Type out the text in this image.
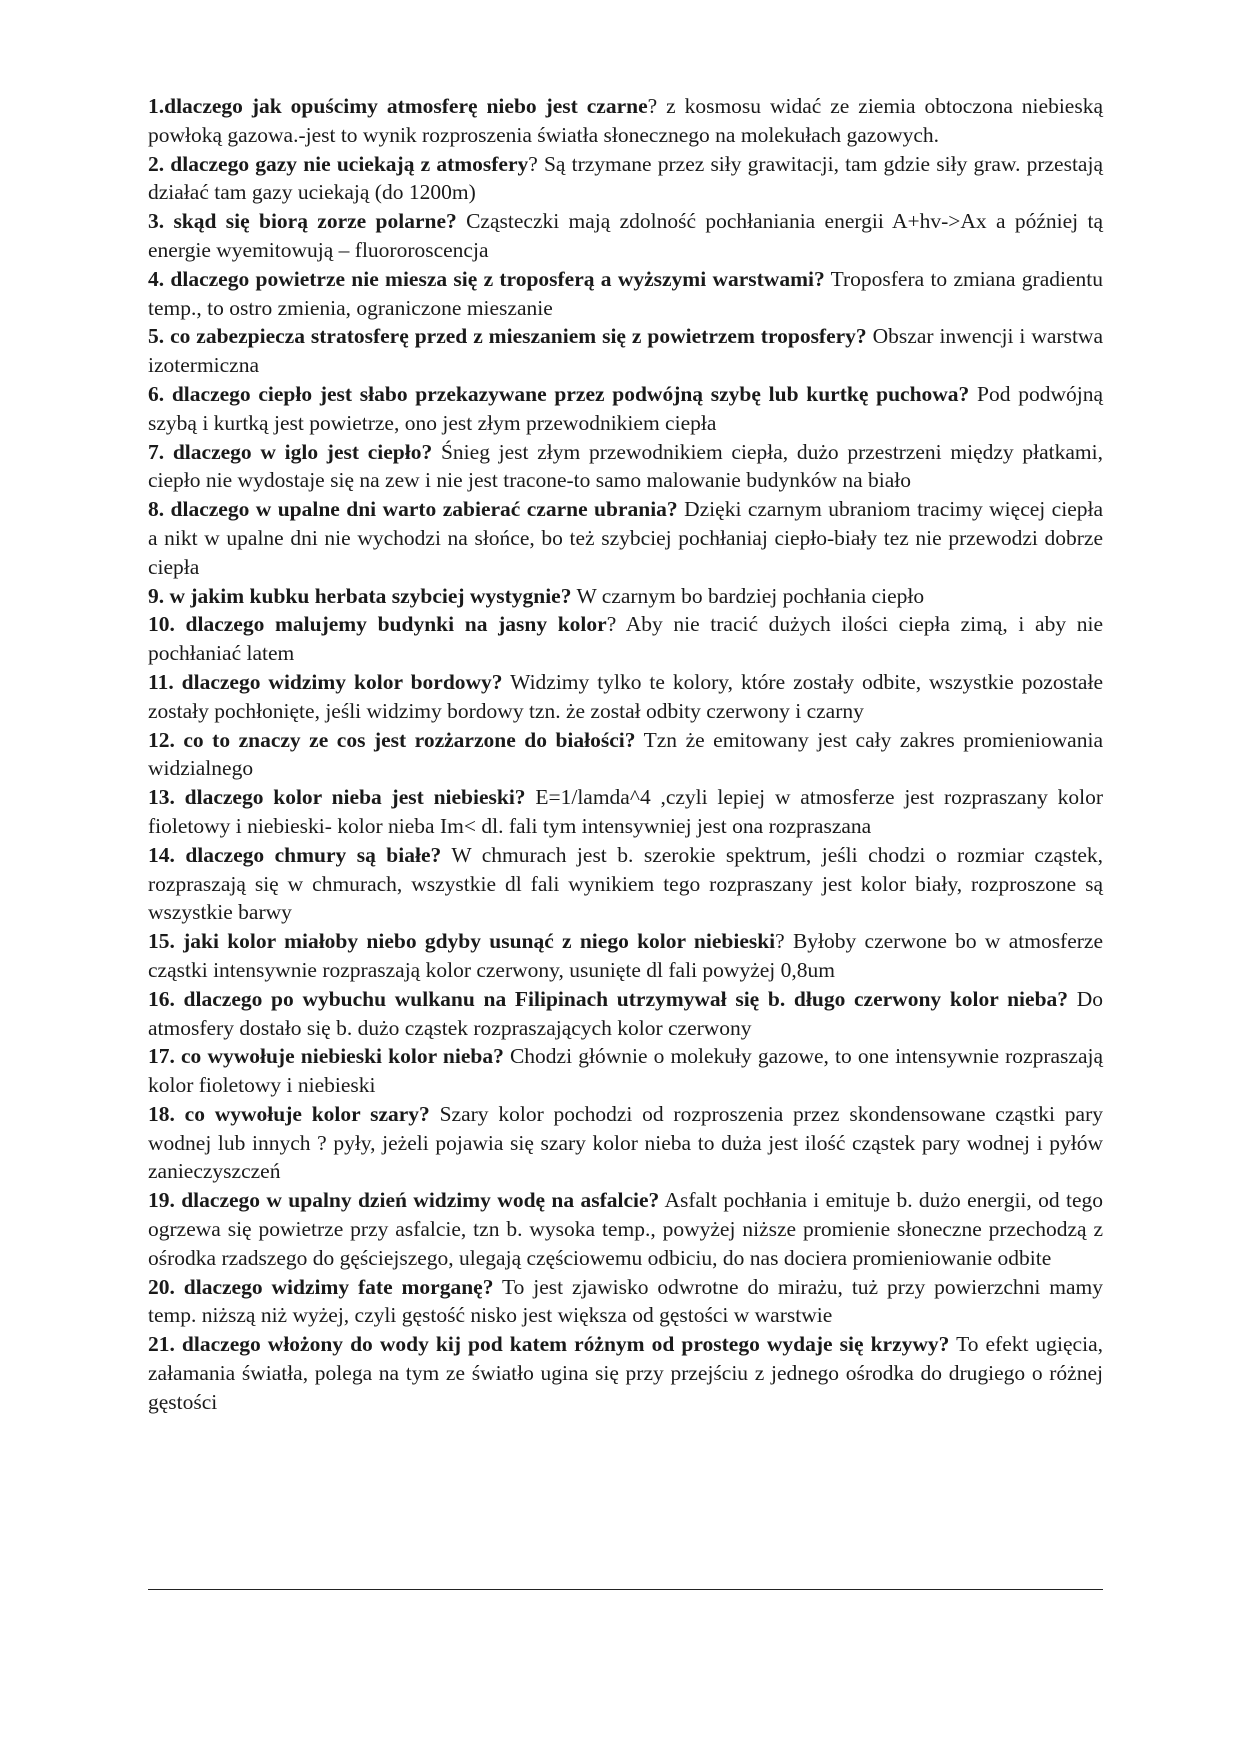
1.dlaczego jak opuścimy atmosferę niebo jest czarne? z kosmosu widać ze ziemia obtoczona niebieską powłoką gazowa.-jest to wynik rozproszenia światła słonecznego na molekułach gazowych.

2. dlaczego gazy nie uciekają z atmosfery? Są trzymane przez siły grawitacji, tam gdzie siły graw. przestają działać tam gazy uciekają (do 1200m)

3. skąd się biorą zorze polarne? Cząsteczki mają zdolność pochłaniania energii A+hv->Ax a później tą energie wyemitowują – fluororoscencja

4. dlaczego powietrze nie miesza się z troposferą a wyższymi warstwami? Troposfera to zmiana gradientu temp., to ostro zmienia, ograniczone mieszanie

5. co zabezpiecza stratosferę przed z mieszaniem się z powietrzem troposfery? Obszar inwencji i warstwa izotermiczna

6. dlaczego ciepło jest słabo przekazywane przez podwójną szybę lub kurtkę puchowa? Pod podwójną szybą i kurtką jest powietrze, ono jest złym przewodnikiem ciepła

7. dlaczego w iglo jest ciepło? Śnieg jest złym przewodnikiem ciepła, dużo przestrzeni między płatkami, ciepło nie wydostaje się na zew i nie jest tracone-to samo malowanie budynków na biało

8. dlaczego w upalne dni warto zabierać czarne ubrania? Dzięki czarnym ubraniom tracimy więcej ciepła a nikt w upalne dni nie wychodzi na słońce, bo też szybciej pochłaniaj ciepło-biały tez nie przewodzi dobrze ciepła

9. w jakim kubku herbata szybciej wystygnie? W czarnym bo bardziej pochłania ciepło

10. dlaczego malujemy budynki na jasny kolor? Aby nie tracić dużych ilości ciepła zimą, i aby nie pochłaniać latem

11. dlaczego widzimy kolor bordowy? Widzimy tylko te kolory, które zostały odbite, wszystkie pozostałe zostały pochłonięte, jeśli widzimy bordowy tzn. że został odbity czerwony i czarny

12. co to znaczy ze cos jest rozżarzone do białości? Tzn że emitowany jest cały zakres promieniowania widzialnego

13. dlaczego kolor nieba jest niebieski? E=1/lamda^4 ,czyli lepiej w atmosferze jest rozpraszany kolor fioletowy i niebieski- kolor nieba Im< dl. fali tym intensywniej jest ona rozpraszana

14. dlaczego chmury są białe? W chmurach jest b. szerokie spektrum, jeśli chodzi o rozmiar cząstek, rozpraszają się w chmurach, wszystkie dl fali wynikiem tego rozpraszany jest kolor biały, rozproszone są wszystkie barwy

15. jaki kolor miałoby niebo gdyby usunąć z niego kolor niebieski? Byłoby czerwone bo w atmosferze cząstki intensywnie rozpraszają kolor czerwony, usunięte dl fali powyżej 0,8um

16. dlaczego po wybuchu wulkanu na Filipinach utrzymywał się b. długo czerwony kolor nieba? Do atmosfery dostało się b. dużo cząstek rozpraszających kolor czerwony

17. co wywołuje niebieski kolor nieba? Chodzi głównie o molekuły gazowe, to one intensywnie rozpraszają kolor fioletowy i niebieski

18. co wywołuje kolor szary? Szary kolor pochodzi od rozproszenia przez skondensowane cząstki pary wodnej lub innych ? pyły, jeżeli pojawia się szary kolor nieba to duża jest ilość cząstek pary wodnej i pyłów zanieczyszczeń

19. dlaczego w upalny dzień widzimy wodę na asfalcie? Asfalt pochłania i emituje b. dużo energii, od tego ogrzewa się powietrze przy asfalcie, tzn b. wysoka temp., powyżej niższe promienie słoneczne przechodzą z ośrodka rzadszego do gęściejszego, ulegają częściowemu odbiciu, do nas dociera promieniowanie odbite

20. dlaczego widzimy fate morganę? To jest zjawisko odwrotne do mirażu, tuż przy powierzchni mamy temp. niższą niż wyżej, czyli gęstość nisko jest większa od gęstości w warstwie

21. dlaczego włożony do wody kij pod katem różnym od prostego wydaje się krzywy? To efekt ugięcia, załamania światła, polega na tym ze światło ugina się przy przejściu z jednego ośrodka do drugiego o różnej gęstości
